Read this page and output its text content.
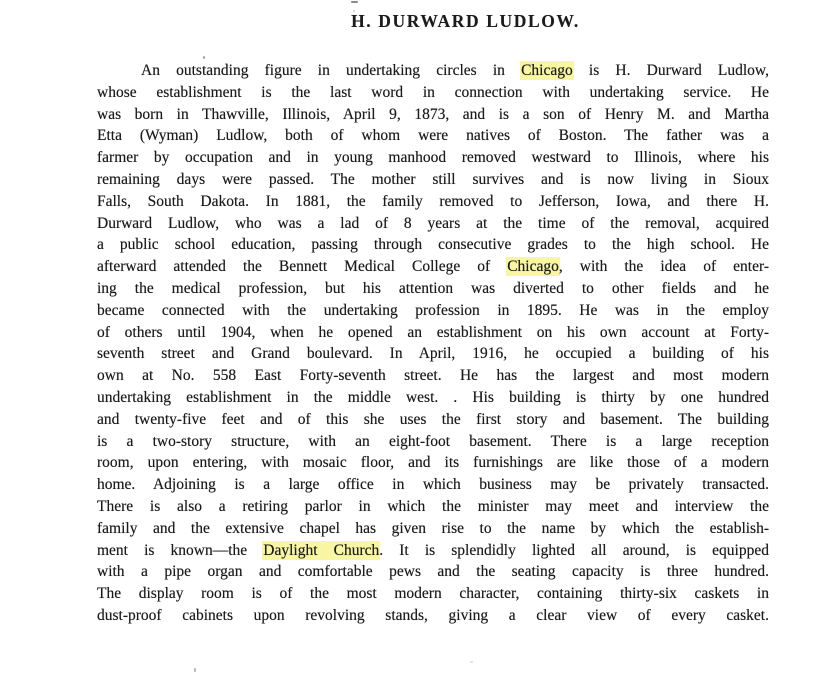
H. DURWARD LUDLOW.
An outstanding figure in undertaking circles in Chicago is H. Durward Ludlow,
whose establishment is the last word in connection with undertaking service. He
was born in Thawville, Illinois, April 9, 1873, and is a son of Henry M. and Martha
Etta (Wyman) Ludlow, both of whom were natives of Boston. The father was a
farmer by occupation and in young manhood removed westward to Illinois, where his
remaining days were passed. The mother still survives and is now living in Sioux
Falls, South Dakota. In 1881, the family removed to Jefferson, Iowa, and there H.
Durward Ludlow, who was a lad of 8 years at the time of the removal, acquired
a public school education, passing through consecutive grades to the high school. He
afterward attended the Bennett Medical College of Chicago, with the idea of enter-
ing the medical profession, but his attention was diverted to other fields and he
became connected with the undertaking profession in 1895. He was in the employ
of others until 1904, when he opened an establishment on his own account at Forty-
seventh street and Grand boulevard. In April, 1916, he occupied a building of his
own at No. 558 East Forty-seventh street. He has the largest and most modern
undertaking establishment in the middle west. . His building is thirty by one hundred
and twenty-five feet and of this she uses the first story and basement. The building
is a two-story structure, with an eight-foot basement. There is a large reception
room, upon entering, with mosaic floor, and its furnishings are like those of a modern
home. Adjoining is a large office in which business may be privately transacted.
There is also a retiring parlor in which the minister may meet and interview the
family and the extensive chapel has given rise to the name by which the establish-
ment is known—the Daylight Church. It is splendidly lighted all around, is equipped
with a pipe organ and comfortable pews and the seating capacity is three hundred.
The display room is of the most modern character, containing thirty-six caskets in
dust-proof cabinets upon revolving stands, giving a clear view of every casket.
